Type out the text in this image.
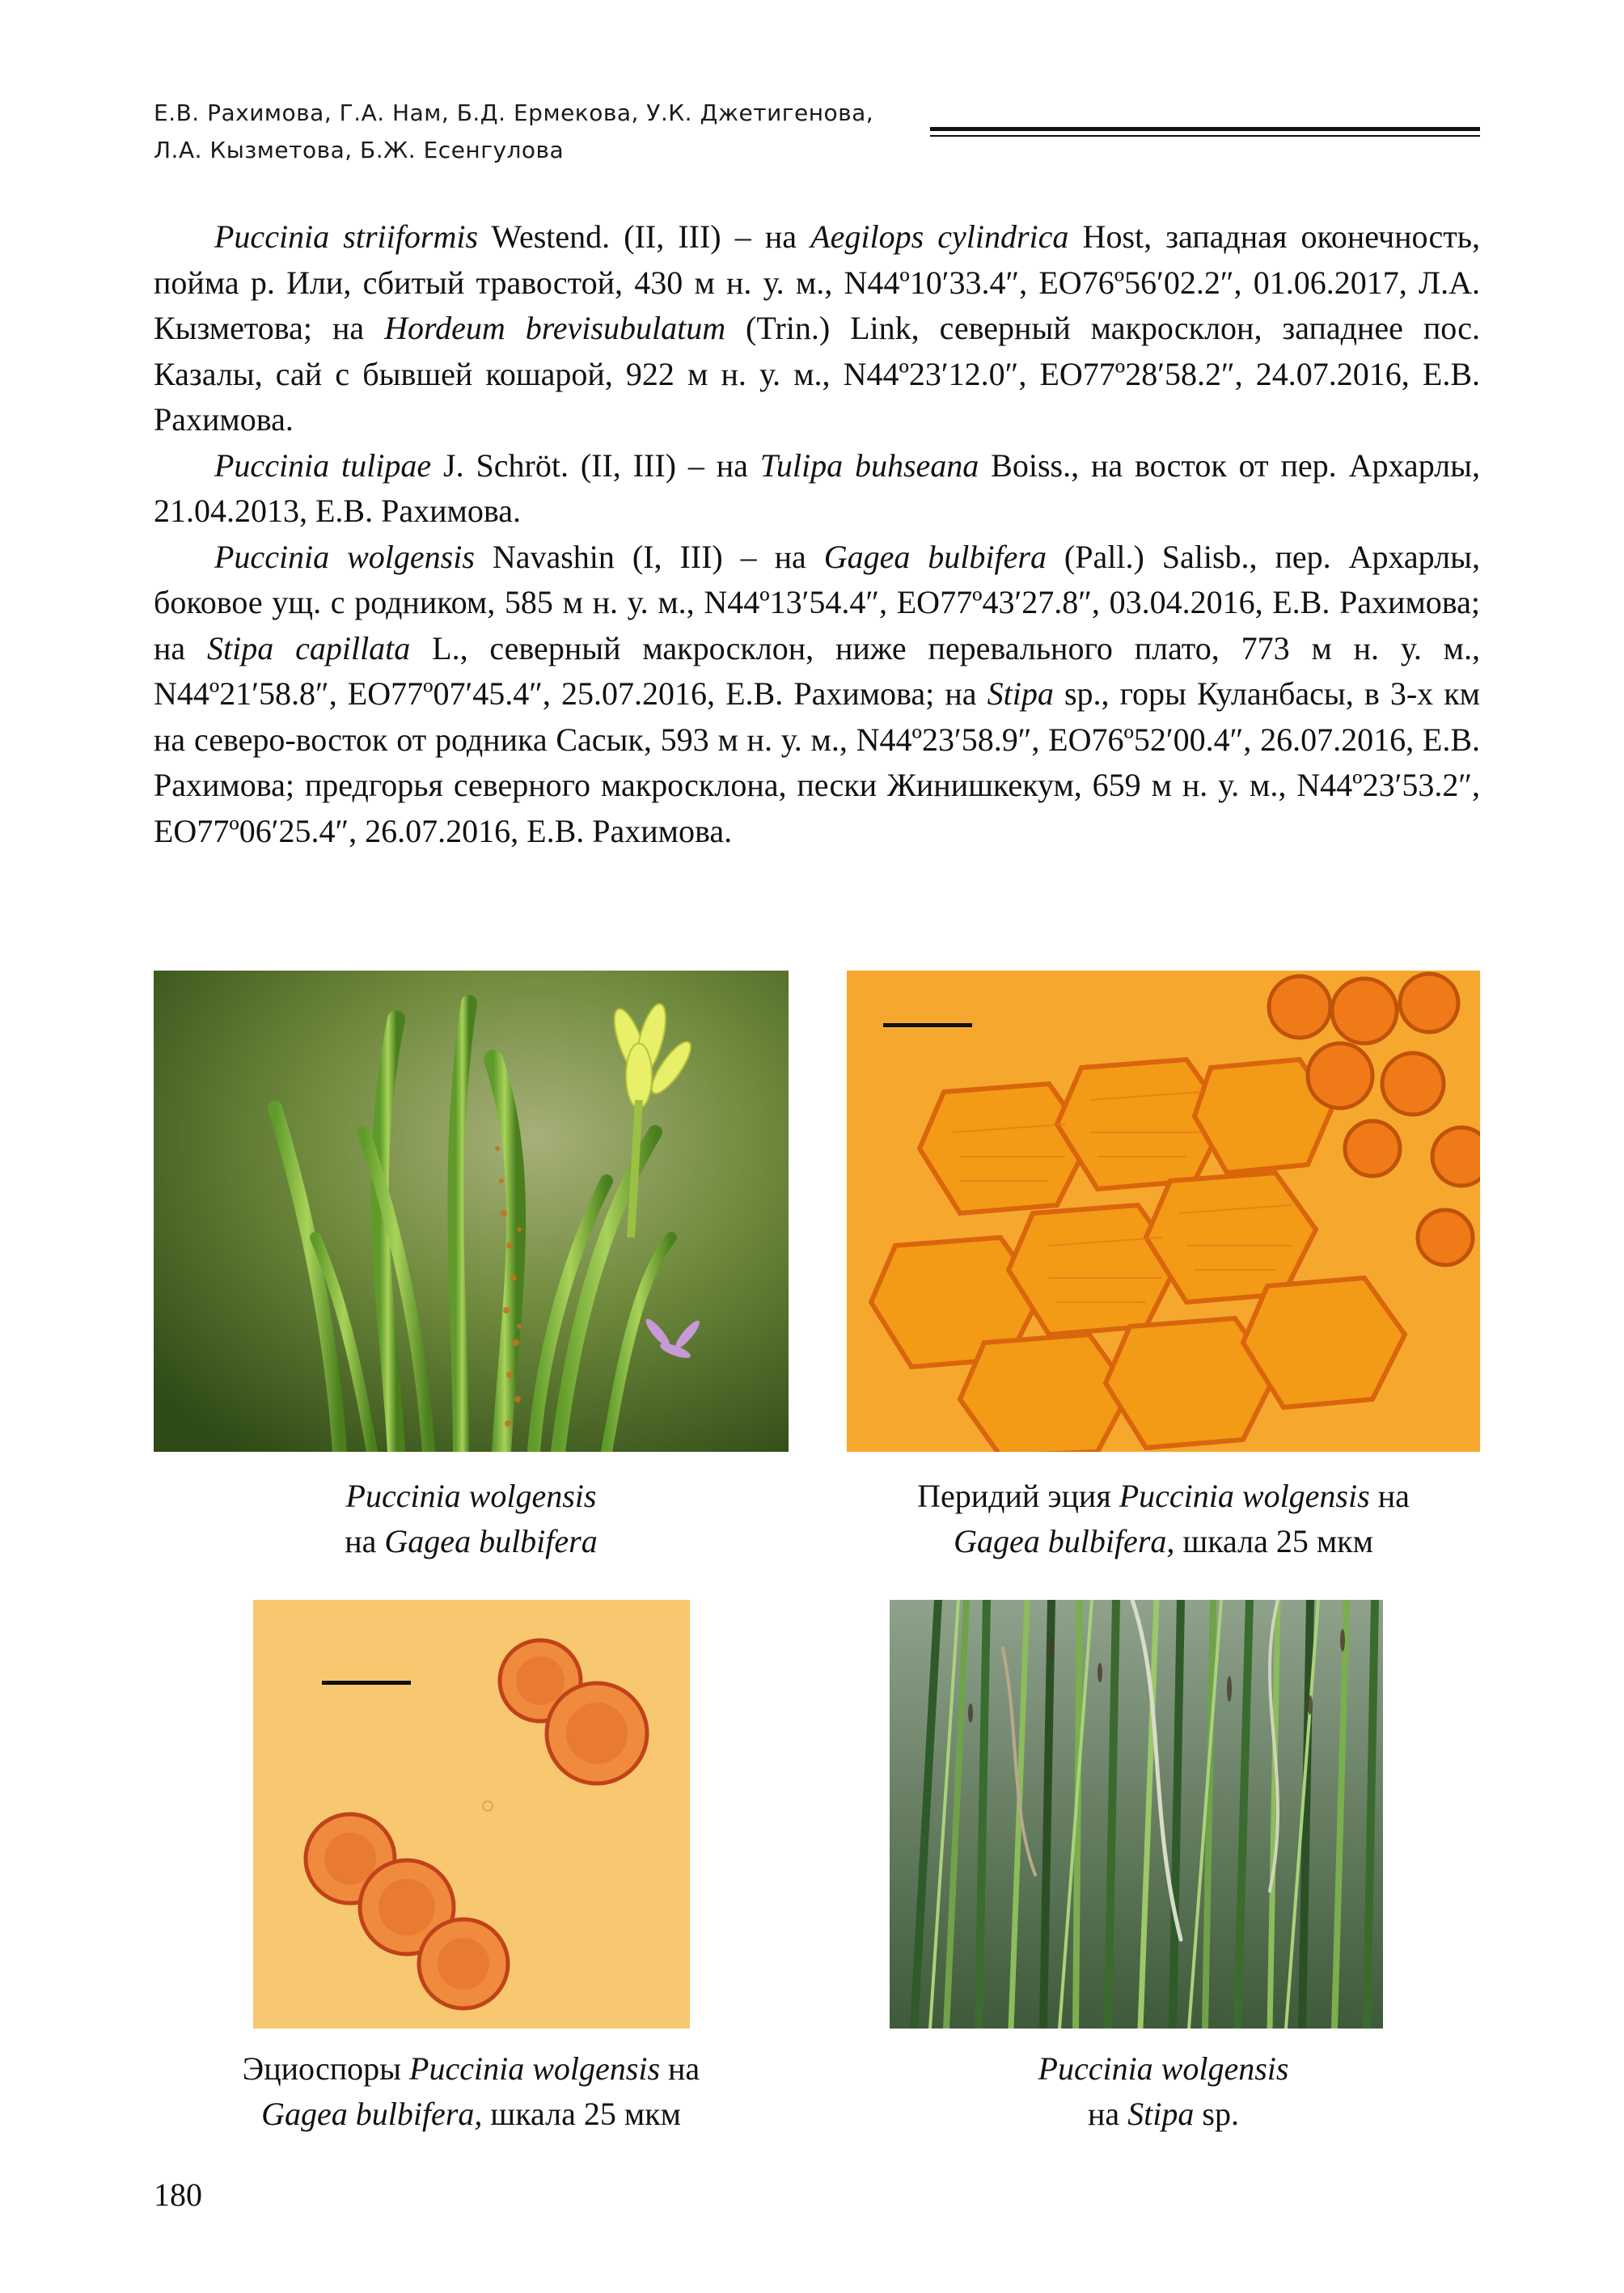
Е.В. Рахимова, Г.А. Нам, Б.Д. Ермекова, У.К. Джетигенова,
Л.А. Кызметова, Б.Ж. Есенгулова

Puccinia striiformis Westend. (II, III) – на Aegilops cylindrica Host, западная оконечность, пойма р. Или, сбитый травостой, 430 м н. у. м., N44º10′33.4″, EO76º56′02.2″, 01.06.2017, Л.А. Кызметова; на Hordeum brevisubulatum (Trin.) Link, северный макросклон, западнее пос. Казалы, сай с бывшей кошарой, 922 м н. у. м., N44º23′12.0″, EO77º28′58.2″, 24.07.2016, Е.В. Рахимова.

Puccinia tulipae J. Schröt. (II, III) – на Tulipa buhseana Boiss., на восток от пер. Архарлы, 21.04.2013, Е.В. Рахимова.

Puccinia wolgensis Navashin (I, III) – на Gagea bulbifera (Pall.) Salisb., пер. Архарлы, боковое ущ. с родником, 585 м н. у. м., N44º13′54.4″, EO77º43′27.8″, 03.04.2016, Е.В. Рахимова; на Stipa capillata L., северный макросклон, ниже перевального плато, 773 м н. у. м., N44º21′58.8″, EO77º07′45.4″, 25.07.2016, Е.В. Рахимова; на Stipa sp., горы Куланбасы, в 3-х км на северо-восток от родника Сасык, 593 м н. у. м., N44º23′58.9″, EO76º52′00.4″, 26.07.2016, Е.В. Рахимова; предгорья северного макросклона, пески Жинишкекум, 659 м н. у. м., N44º23′53.2″, EO77º06′25.4″, 26.07.2016, Е.В. Рахимова.

Puccinia wolgensis
на Gagea bulbifera
Перидий эция Puccinia wolgensis на
Gagea bulbifera, шкала 25 мкм
Эциоспоры Puccinia wolgensis на
Gagea bulbifera, шкала 25 мкм
Puccinia wolgensis
на Stipa sp.
180
